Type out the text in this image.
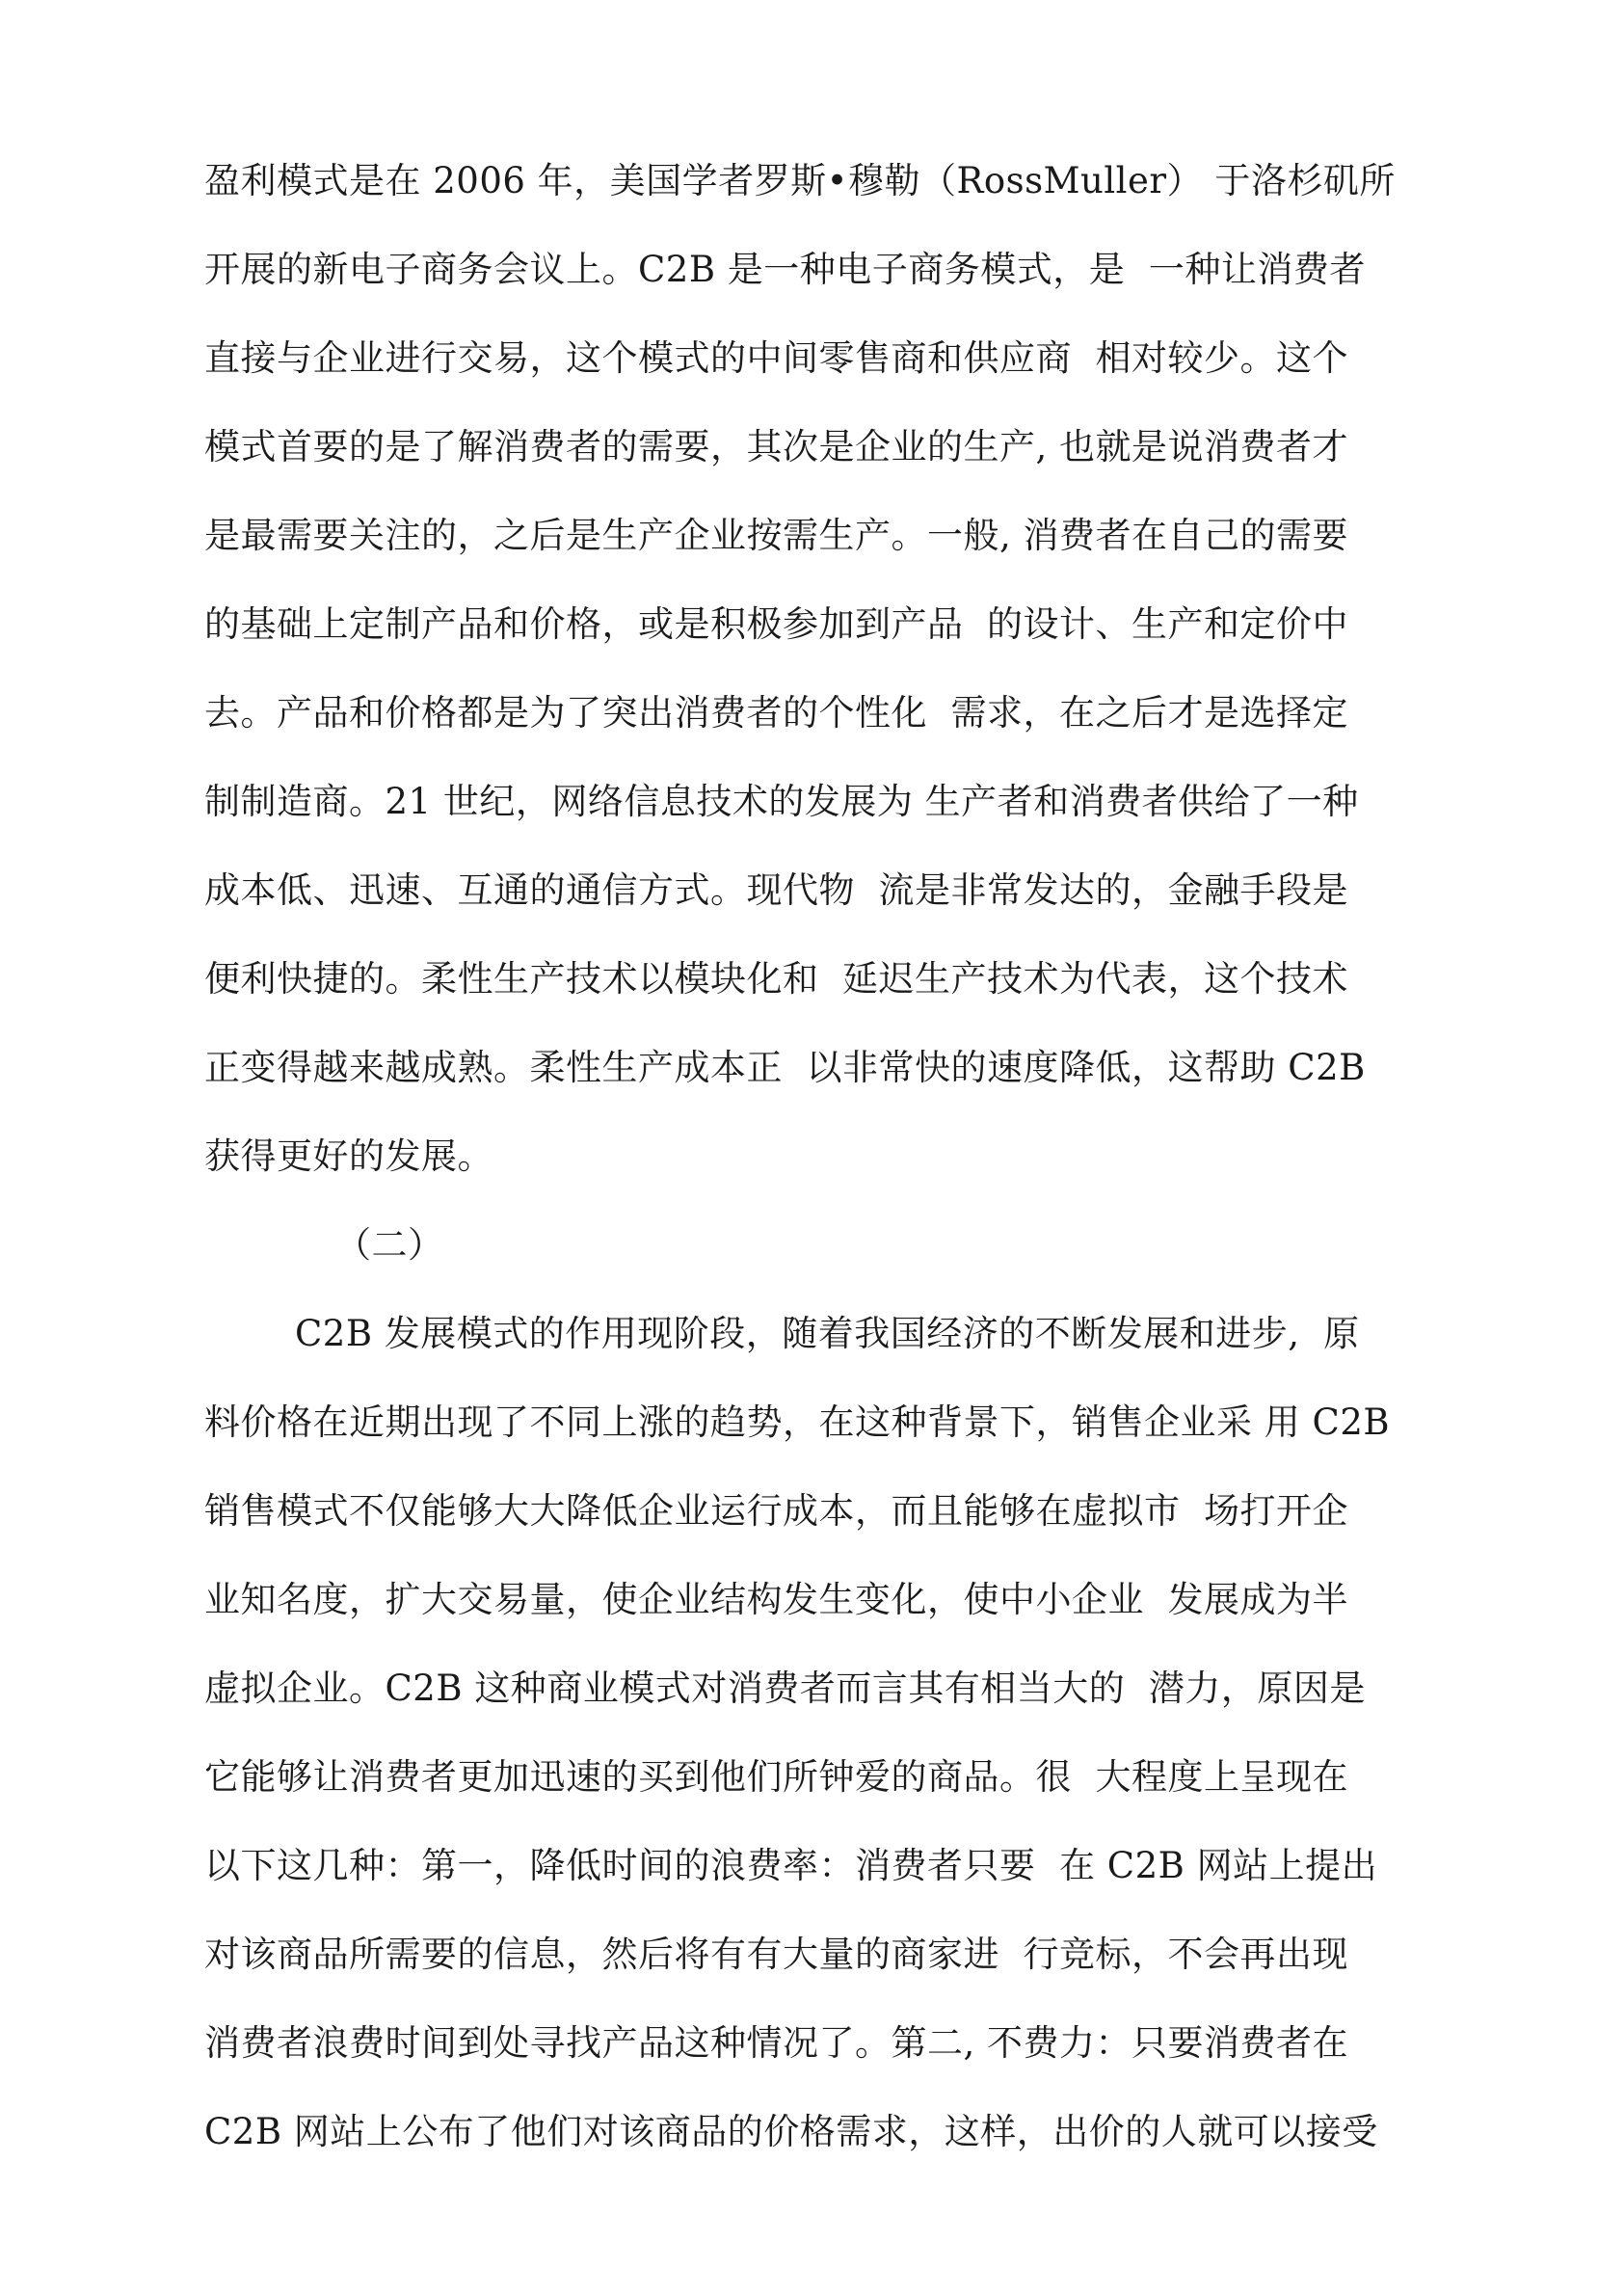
盈利模式是在 2006 年，美国学者罗斯•穆勒（RossMuller） 于洛杉矶所

开展的新电子商务会议上。C2B 是一种电子商务模式，是  一种让消费者

直接与企业进行交易，这个模式的中间零售商和供应商  相对较少。这个

模式首要的是了解消费者的需要，其次是企业的生产, 也就是说消费者才

是最需要关注的，之后是生产企业按需生产。一般, 消费者在自己的需要

的基础上定制产品和价格，或是积极参加到产品  的设计、生产和定价中

去。产品和价格都是为了突出消费者的个性化  需求，在之后才是选择定

制制造商。21 世纪，网络信息技术的发展为 生产者和消费者供给了一种

成本低、迅速、互通的通信方式。现代物  流是非常发达的，金融手段是

便利快捷的。柔性生产技术以模块化和  延迟生产技术为代表，这个技术

正变得越来越成熟。柔性生产成本正  以非常快的速度降低，这帮助 C2B

获得更好的发展。

（二）

C2B 发展模式的作用现阶段，随着我国经济的不断发展和进步,  原

料价格在近期出现了不同上涨的趋势，在这种背景下，销售企业采 用 C2B

销售模式不仅能够大大降低企业运行成本，而且能够在虚拟市  场打开企

业知名度，扩大交易量，使企业结构发生变化，使中小企业  发展成为半

虚拟企业。C2B 这种商业模式对消费者而言其有相当大的  潜力，原因是

它能够让消费者更加迅速的买到他们所钟爱的商品。很  大程度上呈现在

以下这几种：第一，降低时间的浪费率：消费者只要  在 C2B 网站上提出

对该商品所需要的信息，然后将有有大量的商家进  行竞标，不会再出现

消费者浪费时间到处寻找产品这种情况了。第二, 不费力：只要消费者在

C2B 网站上公布了他们对该商品的价格需求，这样，出价的人就可以接受
